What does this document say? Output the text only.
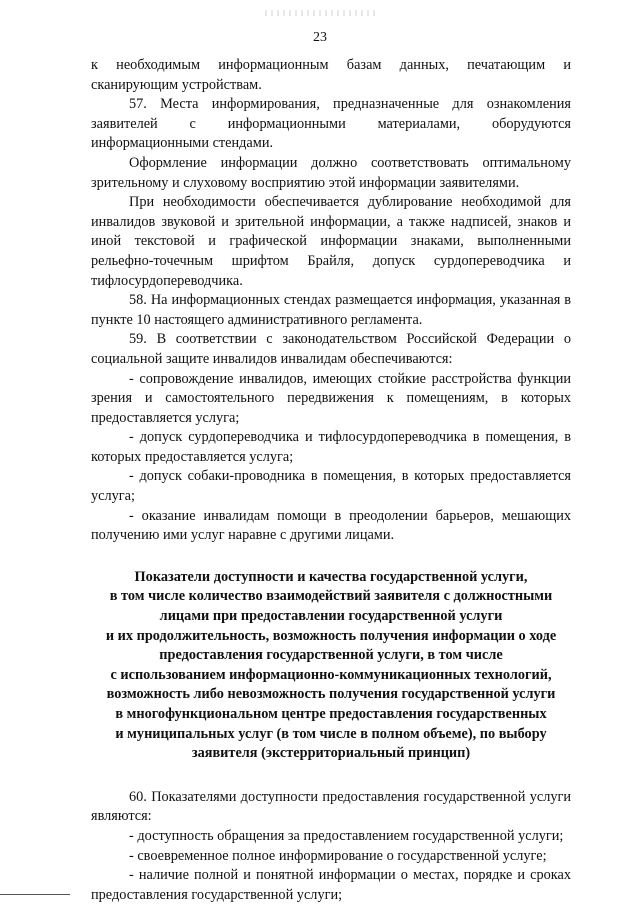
23

к необходимым информационным базам данных, печатающим и сканирующим устройствам.

57. Места информирования, предназначенные для ознакомления заявителей с информационными материалами, оборудуются информационными стендами.

Оформление информации должно соответствовать оптимальному зрительному и слуховому восприятию этой информации заявителями.

При необходимости обеспечивается дублирование необходимой для инвалидов звуковой и зрительной информации, а также надписей, знаков и иной текстовой и графической информации знаками, выполненными рельефно-точечным шрифтом Брайля, допуск сурдопереводчика и тифлосурдопереводчика.

58. На информационных стендах размещается информация, указанная в пункте 10 настоящего административного регламента.

59. В соответствии с законодательством Российской Федерации о социальной защите инвалидов инвалидам обеспечиваются:

- сопровождение инвалидов, имеющих стойкие расстройства функции зрения и самостоятельного передвижения к помещениям, в которых предоставляется услуга;

- допуск сурдопереводчика и тифлосурдопереводчика в помещения, в которых предоставляется услуга;

- допуск собаки-проводника в помещения, в которых предоставляется услуга;

- оказание инвалидам помощи в преодолении барьеров, мешающих получению ими услуг наравне с другими лицами.

Показатели доступности и качества государственной услуги,
в том числе количество взаимодействий заявителя с должностными
лицами при предоставлении государственной услуги
и их продолжительность, возможность получения информации о ходе
предоставления государственной услуги, в том числе
с использованием информационно-коммуникационных технологий,
возможность либо невозможность получения государственной услуги
в многофункциональном центре предоставления государственных
и муниципальных услуг (в том числе в полном объеме), по выбору
заявителя (экстерриториальный принцип)

60. Показателями доступности предоставления государственной услуги являются:

- доступность обращения за предоставлением государственной услуги;

- своевременное полное информирование о государственной услуге;

- наличие полной и понятной информации о местах, порядке и сроках предоставления государственной услуги;
